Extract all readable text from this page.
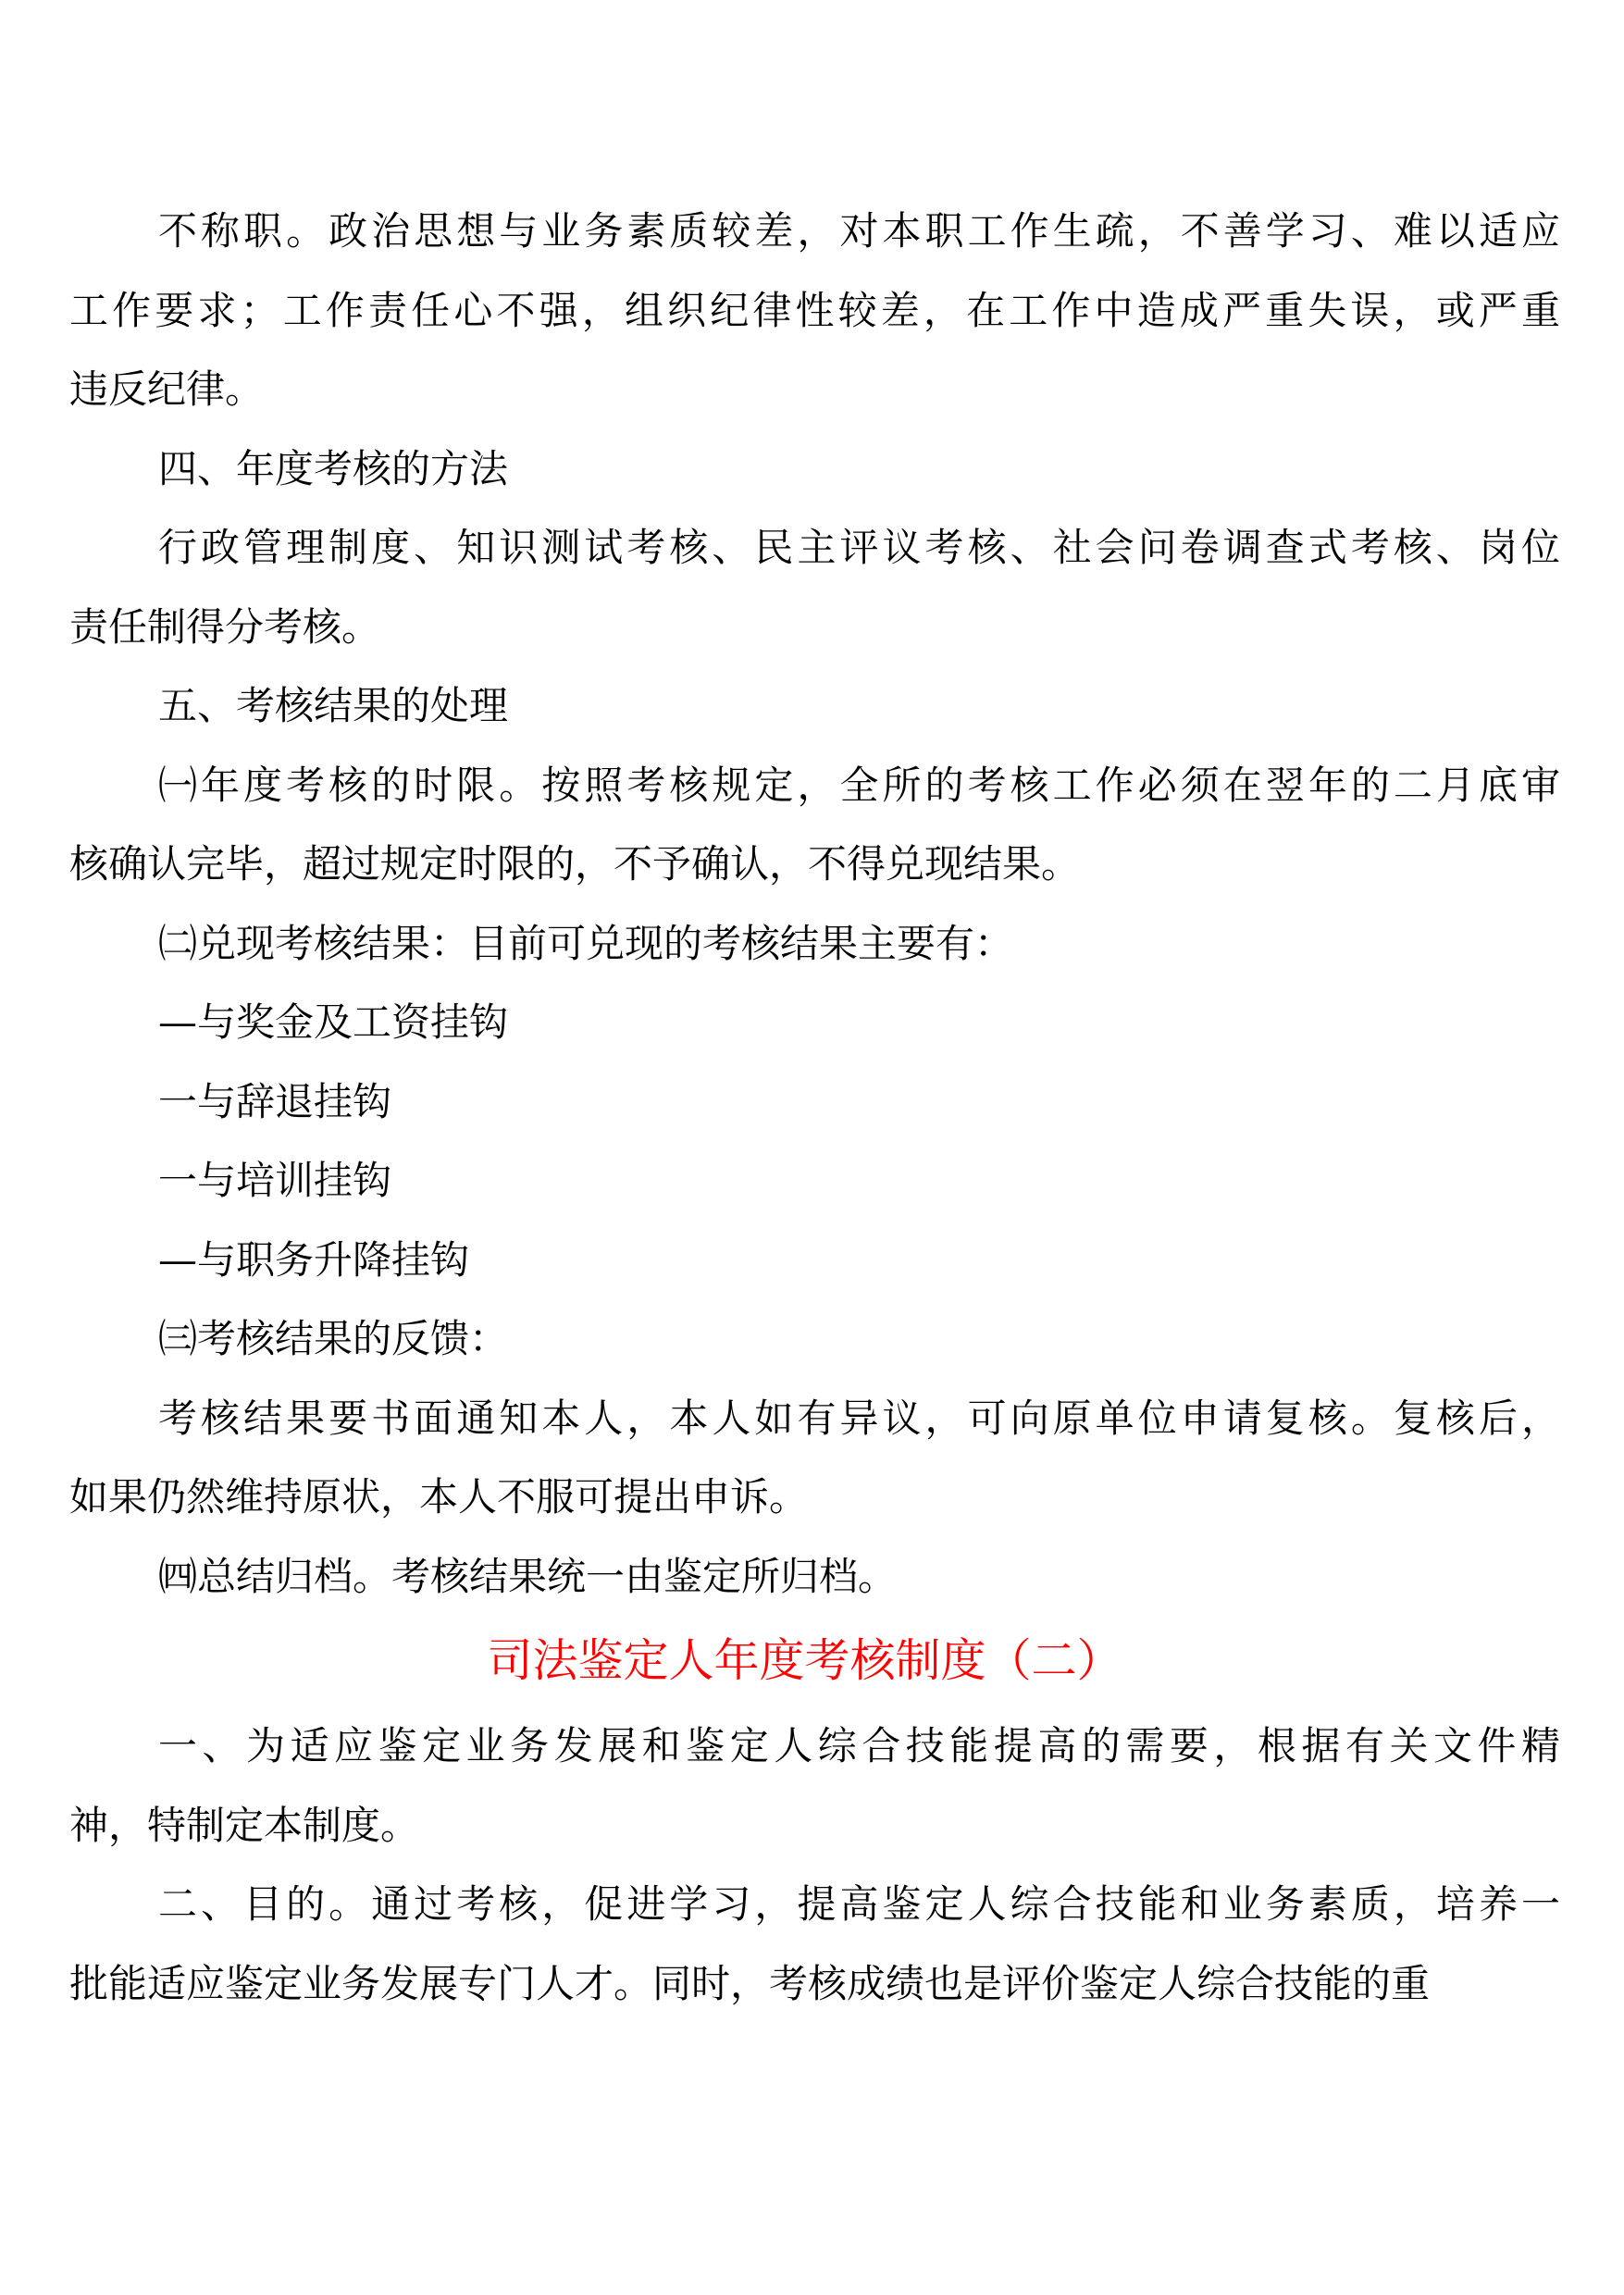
不称职。政治思想与业务素质较差，对本职工作生疏，不善学习、难以适应
工作要求；工作责任心不强，组织纪律性较差，在工作中造成严重失误，或严重
违反纪律。
四、年度考核的方法
行政管理制度、知识测试考核、民主评议考核、社会问卷调查式考核、岗位
责任制得分考核。
五、考核结果的处理
㈠年度考核的时限。按照考核规定，全所的考核工作必须在翌年的二月底审
核确认完毕，超过规定时限的，不予确认，不得兑现结果。
㈡兑现考核结果：目前可兑现的考核结果主要有：
—与奖金及工资挂钩
一与辞退挂钩
一与培训挂钩
—与职务升降挂钩
㈢考核结果的反馈：
考核结果要书面通知本人，本人如有异议，可向原单位申请复核。复核后，
如果仍然维持原状，本人不服可提出申诉。
㈣总结归档。考核结果统一由鉴定所归档。
司法鉴定人年度考核制度（二）
一、为适应鉴定业务发展和鉴定人综合技能提高的需要，根据有关文件精
神，特制定本制度。
二、目的。通过考核，促进学习，提高鉴定人综合技能和业务素质，培养一
批能适应鉴定业务发展专门人才。同时，考核成绩也是评价鉴定人综合技能的重
